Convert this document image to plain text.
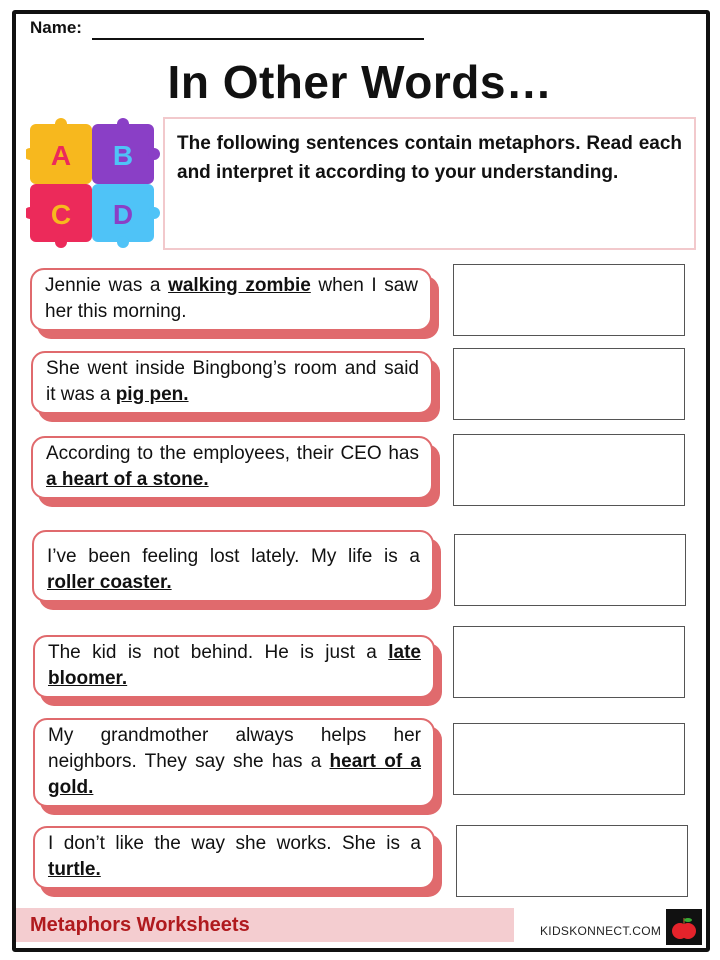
Name:
In Other Words…
A B
C D
The following sentences contain metaphors. Read each and interpret it according to your understanding.
Jennie was a walking zombie when I saw her this morning.
She went inside Bingbong’s room and said it was a pig pen.
According to the employees, their CEO has a heart of a stone.
I’ve been feeling lost lately. My life is a roller coaster.
The kid is not behind. He is just a late bloomer.
My grandmother always helps her neighbors. They say she has a heart of a gold.
I don’t like the way she works. She is a turtle.
Metaphors Worksheets	KIDSKONNECT.COM
